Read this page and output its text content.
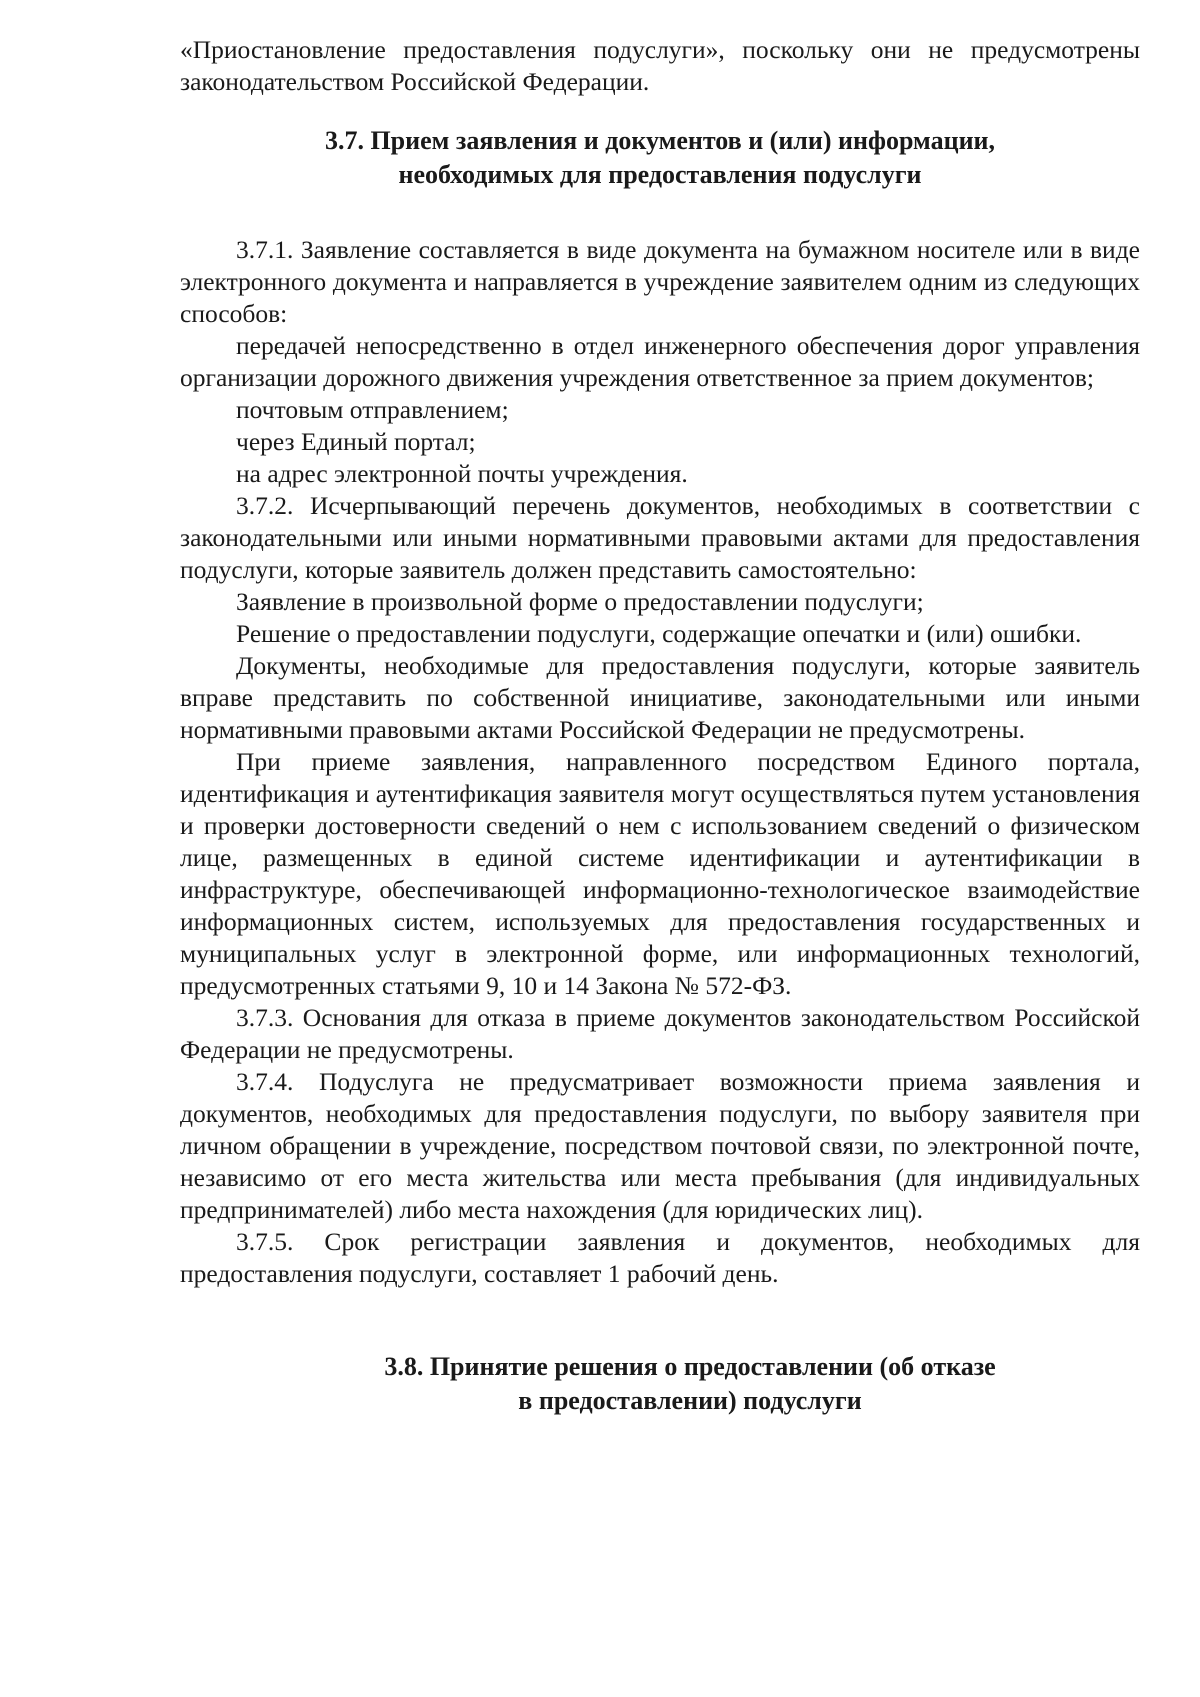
«Приостановление предоставления подуслуги», поскольку они не предусмотрены законодательством Российской Федерации.

3.7. Прием заявления и документов и (или) информации,
необходимых для предоставления подуслуги

3.7.1. Заявление составляется в виде документа на бумажном носителе или в виде электронного документа и направляется в учреждение заявителем одним из следующих способов:

передачей непосредственно в отдел инженерного обеспечения дорог управления организации дорожного движения учреждения ответственное за прием документов;

почтовым отправлением;

через Единый портал;

на адрес электронной почты учреждения.

3.7.2. Исчерпывающий перечень документов, необходимых в соответствии с законодательными или иными нормативными правовыми актами для предоставления подуслуги, которые заявитель должен представить самостоятельно:

Заявление в произвольной форме о предоставлении подуслуги;

Решение о предоставлении подуслуги, содержащие опечатки и (или) ошибки.

Документы, необходимые для предоставления подуслуги, которые заявитель вправе представить по собственной инициативе, законодательными или иными нормативными правовыми актами Российской Федерации не предусмотрены.

При приеме заявления, направленного посредством Единого портала, идентификация и аутентификация заявителя могут осуществляться путем установления и проверки достоверности сведений о нем с использованием сведений о физическом лице, размещенных в единой системе идентификации и аутентификации в инфраструктуре, обеспечивающей информационно-технологическое взаимодействие информационных систем, используемых для предоставления государственных и муниципальных услуг в электронной форме, или информационных технологий, предусмотренных статьями 9, 10 и 14 Закона № 572-ФЗ.

3.7.3. Основания для отказа в приеме документов законодательством Российской Федерации не предусмотрены.

3.7.4. Подуслуга не предусматривает возможности приема заявления и документов, необходимых для предоставления подуслуги, по выбору заявителя при личном обращении в учреждение, посредством почтовой связи, по электронной почте, независимо от его места жительства или места пребывания (для индивидуальных предпринимателей) либо места нахождения (для юридических лиц).

3.7.5. Срок регистрации заявления и документов, необходимых для предоставления подуслуги, составляет 1 рабочий день.

3.8. Принятие решения о предоставлении (об отказе
в предоставлении) подуслуги
